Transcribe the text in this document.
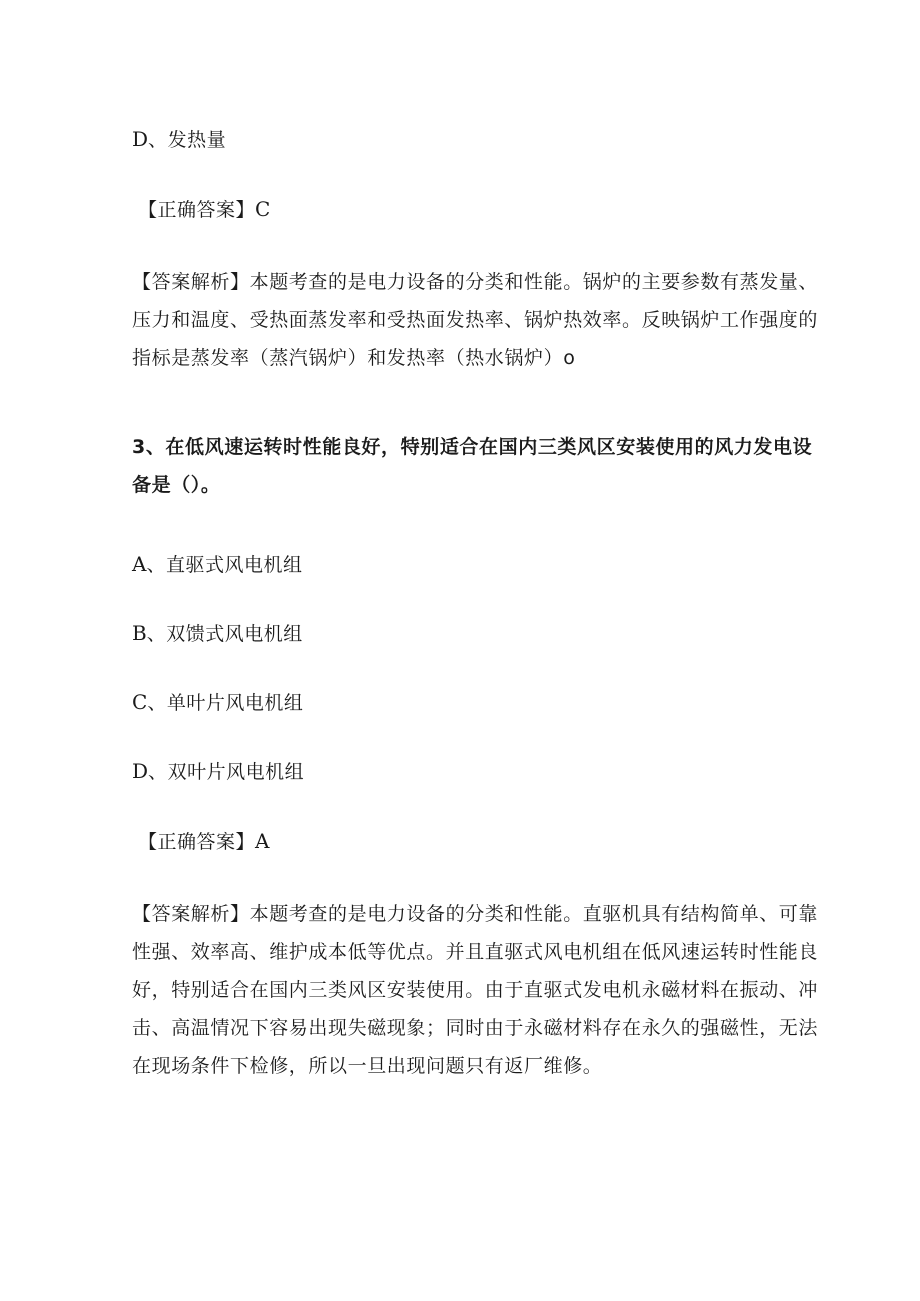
D、发热量
【正确答案】C
【答案解析】本题考查的是电力设备的分类和性能。锅炉的主要参数有蒸发量、
压力和温度、受热面蒸发率和受热面发热率、锅炉热效率。反映锅炉工作强度的
指标是蒸发率（蒸汽锅炉）和发热率（热水锅炉）o
3、在低风速运转时性能良好，特别适合在国内三类风区安装使用的风力发电设
备是（）。
A、直驱式风电机组
B、双馈式风电机组
C、单叶片风电机组
D、双叶片风电机组
【正确答案】A
【答案解析】本题考查的是电力设备的分类和性能。直驱机具有结构简单、可靠
性强、效率高、维护成本低等优点。并且直驱式风电机组在低风速运转时性能良
好，特别适合在国内三类风区安装使用。由于直驱式发电机永磁材料在振动、冲
击、高温情况下容易出现失磁现象；同时由于永磁材料存在永久的强磁性，无法
在现场条件下检修，所以一旦出现问题只有返厂维修。
